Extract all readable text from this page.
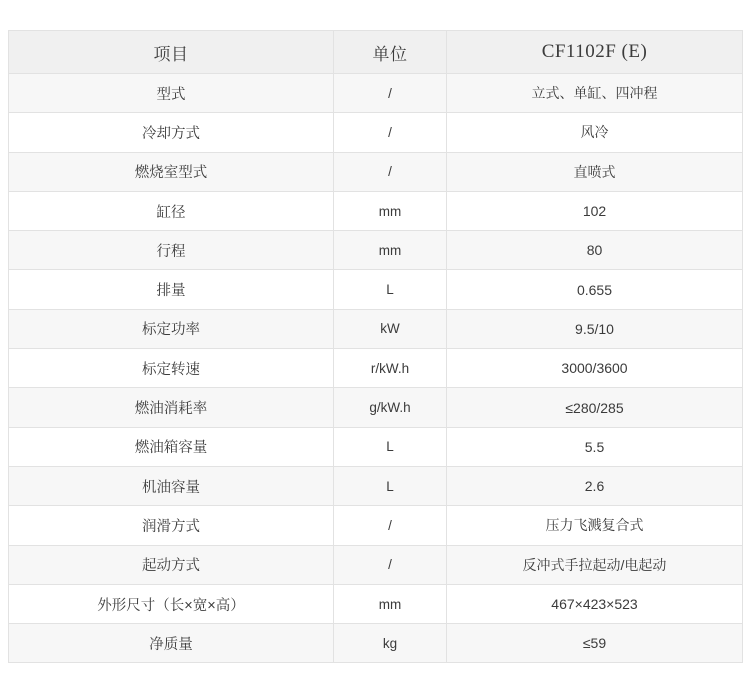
项目	单位	CF1102F (E)
型式	/	立式、单缸、四冲程
冷却方式	/	风冷
燃烧室型式	/	直喷式
缸径	mm	102
行程	mm	80
排量	L	0.655
标定功率	kW	9.5/10
标定转速	r/kW.h	3000/3600
燃油消耗率	g/kW.h	≤280/285
燃油箱容量	L	5.5
机油容量	L	2.6
润滑方式	/	压力飞溅复合式
起动方式	/	反冲式手拉起动/电起动
外形尺寸（长×宽×高）	mm	467×423×523
净质量	kg	≤59
